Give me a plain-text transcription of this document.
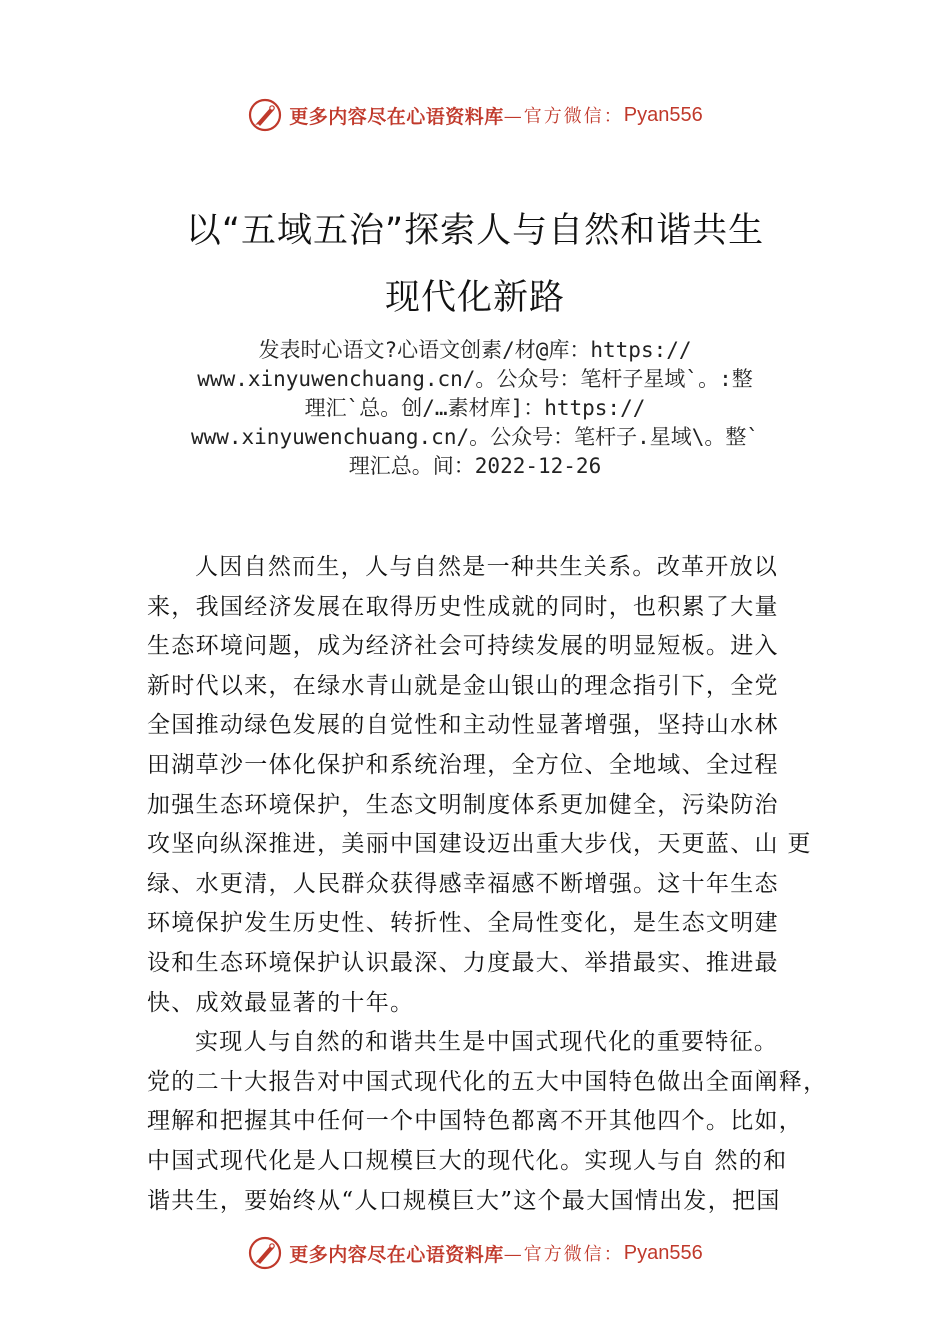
更多内容尽在心语资料库 —官方微信： Pyan556
以“五域五治”探索人与自然和谐共生
现代化新路
发表时心语文?心语文创素/材@库：https://
www.xinyuwenchuang.cn/。公众号：笔杆子星域`。:整
理汇`总。创/…素材库]：https://
www.xinyuwenchuang.cn/。公众号：笔杆子.星域\。整`
理汇总。间：2022-12-26
人因自然而生，人与自然是一种共生关系。改革开放以
来，我国经济发展在取得历史性成就的同时，也积累了大量
生态环境问题，成为经济社会可持续发展的明显短板。进入
新时代以来，在绿水青山就是金山银山的理念指引下，全党
全国推动绿色发展的自觉性和主动性显著增强，坚持山水林
田湖草沙一体化保护和系统治理，全方位、全地域、全过程
加强生态环境保护，生态文明制度体系更加健全，污染防治
攻坚向纵深推进，美丽中国建设迈出重大步伐，天更蓝、山 更
绿、水更清，人民群众获得感幸福感不断增强。这十年生态
环境保护发生历史性、转折性、全局性变化，是生态文明建
设和生态环境保护认识最深、力度最大、举措最实、推进最
快、成效最显著的十年。
实现人与自然的和谐共生是中国式现代化的重要特征。
党的二十大报告对中国式现代化的五大中国特色做出全面阐释，
理解和把握其中任何一个中国特色都离不开其他四个。比如，
中国式现代化是人口规模巨大的现代化。实现人与自 然的和
谐共生，要始终从“人口规模巨大”这个最大国情出发，把国
更多内容尽在心语资料库 —官方微信： Pyan556
